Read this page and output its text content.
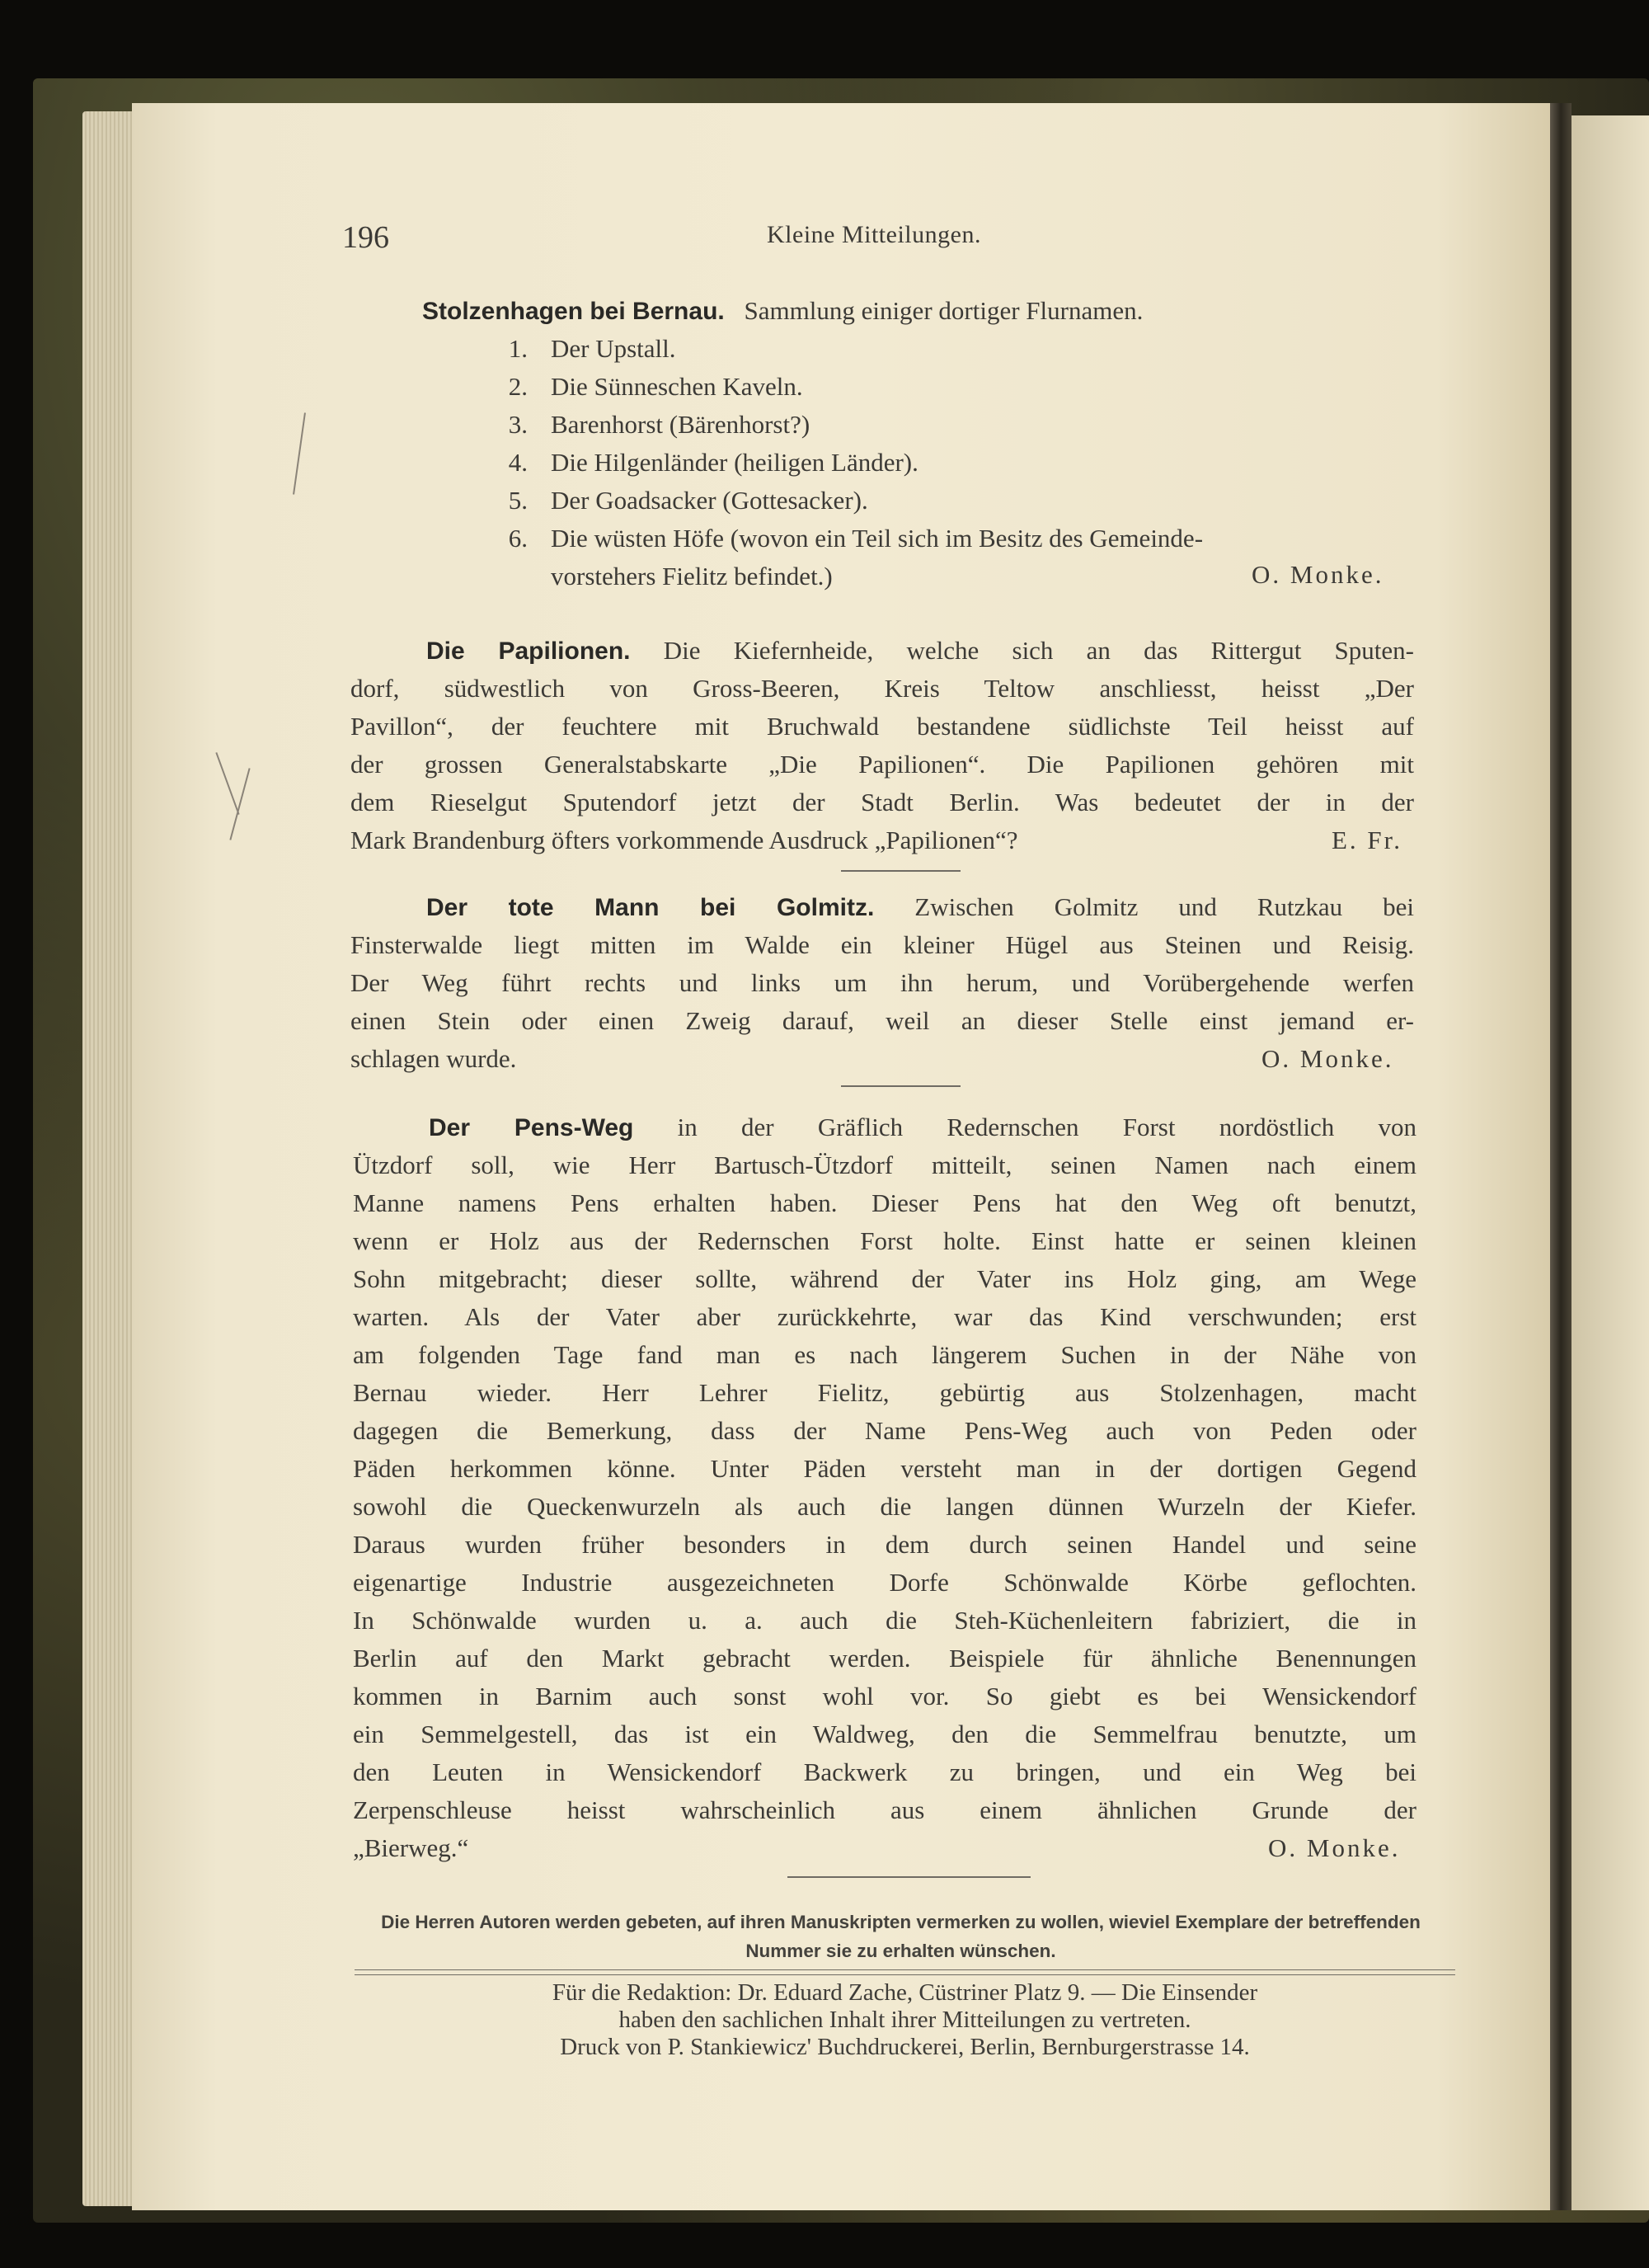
196	Kleine Mitteilungen.
Stolzenhagen bei Bernau. Sammlung einiger dortiger Flurnamen.
1. Der Upstall.
2. Die Sünneschen Kaveln.
3. Barenhorst (Bärenhorst?)
4. Die Hilgenländer (heiligen Länder).
5. Der Goadsacker (Gottesacker).
6. Die wüsten Höfe (wovon ein Teil sich im Besitz des Gemeinde-
vorstehers Fielitz befindet.)	O. Monke.
Die Papilionen. Die Kiefernheide, welche sich an das Rittergut Sputen-
dorf, südwestlich von Gross-Beeren, Kreis Teltow anschliesst, heisst „Der
Pavillon“, der feuchtere mit Bruchwald bestandene südlichste Teil heisst auf
der grossen Generalstabskarte „Die Papilionen“. Die Papilionen gehören mit
dem Rieselgut Sputendorf jetzt der Stadt Berlin. Was bedeutet der in der
Mark Brandenburg öfters vorkommende Ausdruck „Papilionen“?	E. Fr.
Der tote Mann bei Golmitz. Zwischen Golmitz und Rutzkau bei
Finsterwalde liegt mitten im Walde ein kleiner Hügel aus Steinen und Reisig.
Der Weg führt rechts und links um ihn herum, und Vorübergehende werfen
einen Stein oder einen Zweig darauf, weil an dieser Stelle einst jemand er-
schlagen wurde.	O. Monke.
Der Pens-Weg in der Gräflich Redernschen Forst nordöstlich von
Ützdorf soll, wie Herr Bartusch-Ützdorf mitteilt, seinen Namen nach einem
Manne namens Pens erhalten haben. Dieser Pens hat den Weg oft benutzt,
wenn er Holz aus der Redernschen Forst holte. Einst hatte er seinen kleinen
Sohn mitgebracht; dieser sollte, während der Vater ins Holz ging, am Wege
warten. Als der Vater aber zurückkehrte, war das Kind verschwunden; erst
am folgenden Tage fand man es nach längerem Suchen in der Nähe von
Bernau wieder. Herr Lehrer Fielitz, gebürtig aus Stolzenhagen, macht
dagegen die Bemerkung, dass der Name Pens-Weg auch von Peden oder
Päden herkommen könne. Unter Päden versteht man in der dortigen Gegend
sowohl die Queckenwurzeln als auch die langen dünnen Wurzeln der Kiefer.
Daraus wurden früher besonders in dem durch seinen Handel und seine
eigenartige Industrie ausgezeichneten Dorfe Schönwalde Körbe geflochten.
In Schönwalde wurden u. a. auch die Steh-Küchenleitern fabriziert, die in
Berlin auf den Markt gebracht werden. Beispiele für ähnliche Benennungen
kommen in Barnim auch sonst wohl vor. So giebt es bei Wensickendorf
ein Semmelgestell, das ist ein Waldweg, den die Semmelfrau benutzte, um
den Leuten in Wensickendorf Backwerk zu bringen, und ein Weg bei
Zerpenschleuse heisst wahrscheinlich aus einem ähnlichen Grunde der
„Bierweg.“	O. Monke.
Die Herren Autoren werden gebeten, auf ihren Manuskripten vermerken zu wollen, wieviel Exemplare der betreffenden Nummer sie zu erhalten wünschen.
Für die Redaktion: Dr. Eduard Zache, Cüstriner Platz 9. — Die Einsender
haben den sachlichen Inhalt ihrer Mitteilungen zu vertreten.
Druck von P. Stankiewicz' Buchdruckerei, Berlin, Bernburgerstrasse 14.
